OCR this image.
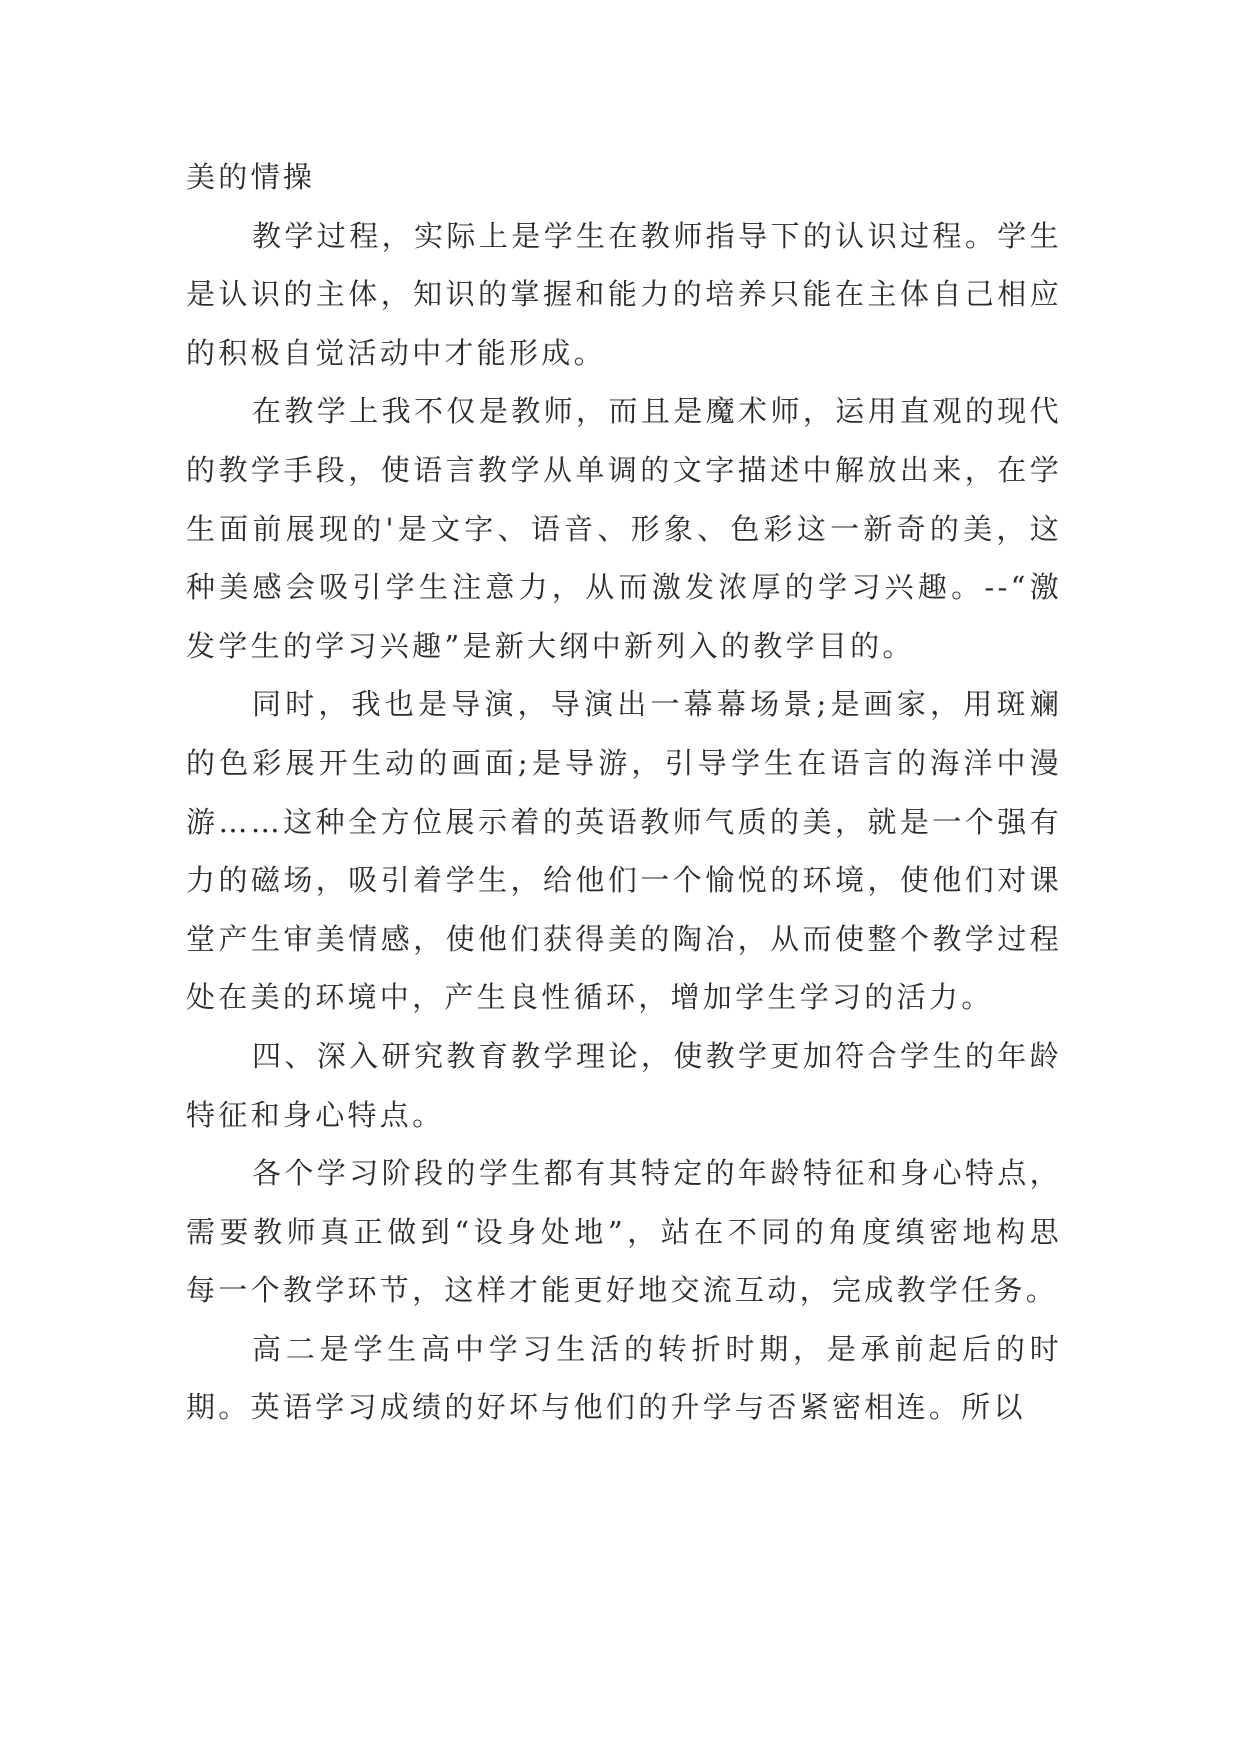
美的情操

教学过程，实际上是学生在教师指导下的认识过程。学生是认识的主体，知识的掌握和能力的培养只能在主体自己相应的积极自觉活动中才能形成。

在教学上我不仅是教师，而且是魔术师，运用直观的现代的教学手段，使语言教学从单调的文字描述中解放出来，在学生面前展现的'是文字、语音、形象、色彩这一新奇的美，这种美感会吸引学生注意力，从而激发浓厚的学习兴趣。--“激发学生的学习兴趣”是新大纲中新列入的教学目的。

同时，我也是导演，导演出一幕幕场景;是画家，用斑斓的色彩展开生动的画面;是导游，引导学生在语言的海洋中漫游……这种全方位展示着的英语教师气质的美，就是一个强有力的磁场，吸引着学生，给他们一个愉悦的环境，使他们对课堂产生审美情感，使他们获得美的陶冶，从而使整个教学过程处在美的环境中，产生良性循环，增加学生学习的活力。

四、深入研究教育教学理论，使教学更加符合学生的年龄特征和身心特点。

各个学习阶段的学生都有其特定的年龄特征和身心特点，需要教师真正做到“设身处地”，站在不同的角度缜密地构思每一个教学环节，这样才能更好地交流互动，完成教学任务。

高二是学生高中学习生活的转折时期，是承前起后的时期。英语学习成绩的好坏与他们的升学与否紧密相连。所以
